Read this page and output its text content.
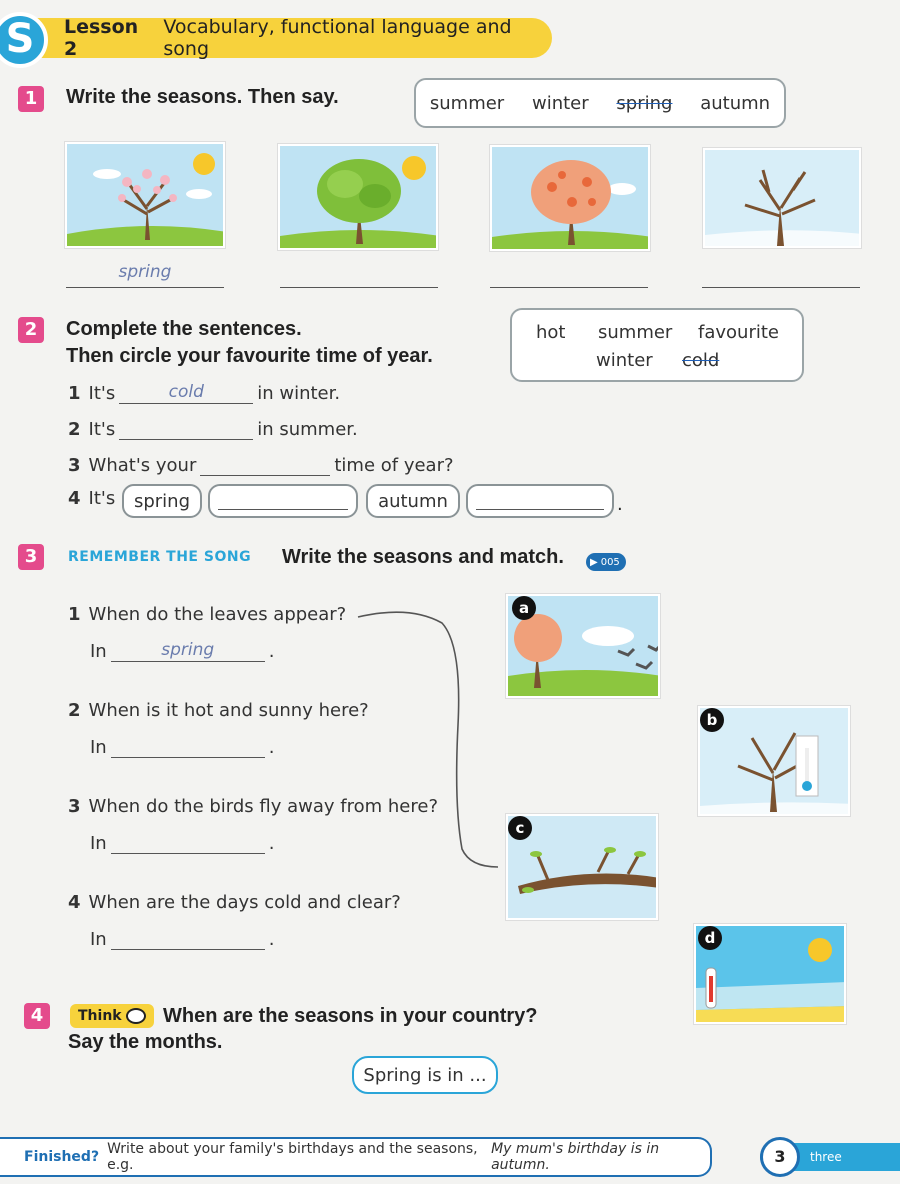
S	Lesson 2
Vocabulary, functional language and song
1	Write the seasons. Then say.	summer winter spring autumn
spring
2	Complete the sentences.
Then circle your favourite time of year.
hot summer favourite
winter cold
1 It's	cold	in winter.
2 It's	in summer.
3 What's your	time of year?
4 It's	spring	autumn	.
3	REMEMBER THE SONG Write the seasons and match.	▶ 005
1 When do the leaves appear?
In	spring	.
2 When is it hot and sunny here?
In	.
3 When do the birds fly away from here?
In	.
4 When are the days cold and clear?
In	.
a
b
c
d
4	Think When are the seasons in your country?
Say the months.
Spring is in ...
Finished? Write about your family's birthdays and the seasons, e.g.
My mum's birthday is in autumn.	three
3
